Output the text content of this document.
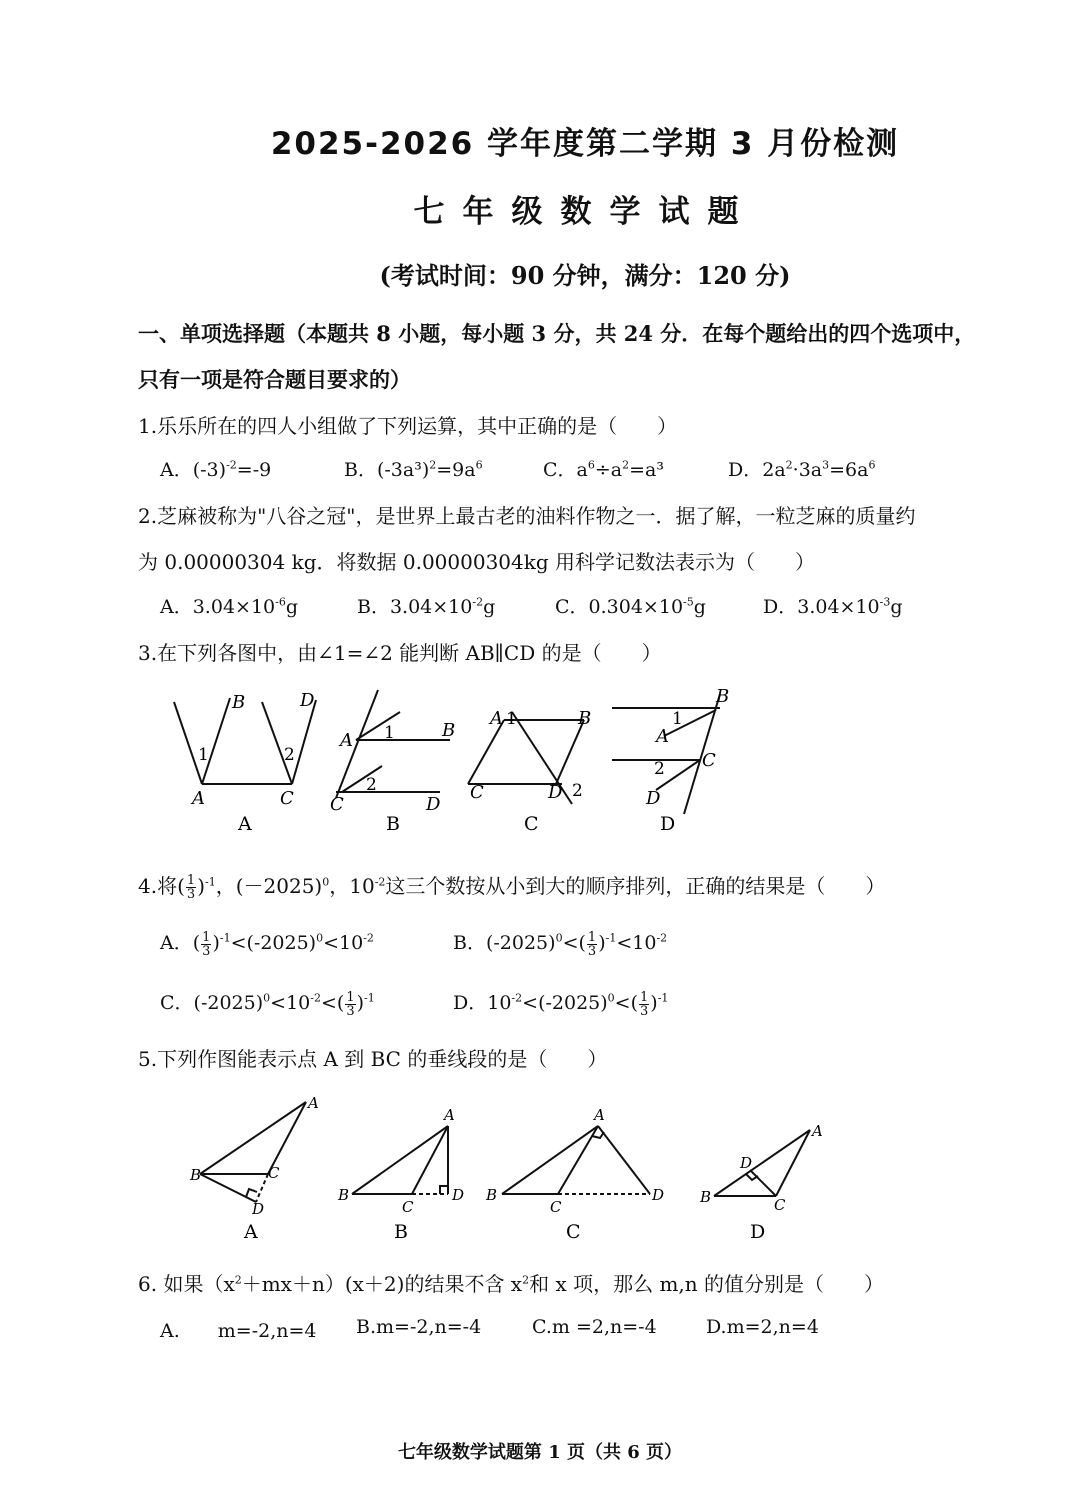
2025-2026 学年度第二学期 3 月份检测
七年级数学试题
(考试时间：90 分钟，满分：120 分)
一、单项选择题（本题共 8 小题，每小题 3 分，共 24 分．在每个题给出的四个选项中，
只有一项是符合题目要求的）
1.乐乐所在的四人小组做了下列运算，其中正确的是（　　）
A．$(-3)^{-2}=-9$	B．$(-3a^3)^2=9a^6$	C．$a^6\div a^2=a^3$	D．$2a^2\cdot 3a^3=6a^6$
2.芝麻被称为"八谷之冠"，是世界上最古老的油料作物之一．据了解，一粒芝麻的质量约
为 0.00000304 kg．将数据 0.00000304kg 用科学记数法表示为（　　）
A．$3.04\times 10^{-6}g$	B．$3.04\times 10^{-2}g$	C．$0.304\times 10^{-5}g$	D．$3.04\times 10^{-3}g$
3.在下列各图中，由∠1=∠2 能判断 AB∥CD 的是（　　）
B	D
1	2
A	C
A
B
A 1
2
C	D
B
A 1	B
C	D 2
C
B
1
A
2 C
D
D
4.将( $\frac{1}{3} )^{-1}$，$(-2025)^0$，$10^{-2}$这三个数按从小到大的顺序排列，正确的结果是（　　）
A．( $\frac{1}{3} )^{-1}<(-2025)^0<10^{-2}$	B．$(-2025)^0<( \frac{1}{3} )^{-1}<10^{-2}$
C．$(-2025)^0<10^{-2}<( \frac{1}{3} )^{-1}$	D．$10^{-2}<(-2025)^0<( \frac{1}{3} )^{-1}$
5.下列作图能表示点 A 到 BC 的垂线段的是（　　）
A
B	C
D
A
A
B
C
D
B
A
B
C
D
C
A
B	C
D
D
6. 如果$(x^2+mx+n)(x+2)$的结果不含 $x^2$和 x 项，那么 m,n 的值分别是（　　）
A.　　m=-2,n=4 B.m=-2,n=-4	C.m =2,n=-4	D.m=2,n=4
七年级数学试题第 1 页（共 6 页）
